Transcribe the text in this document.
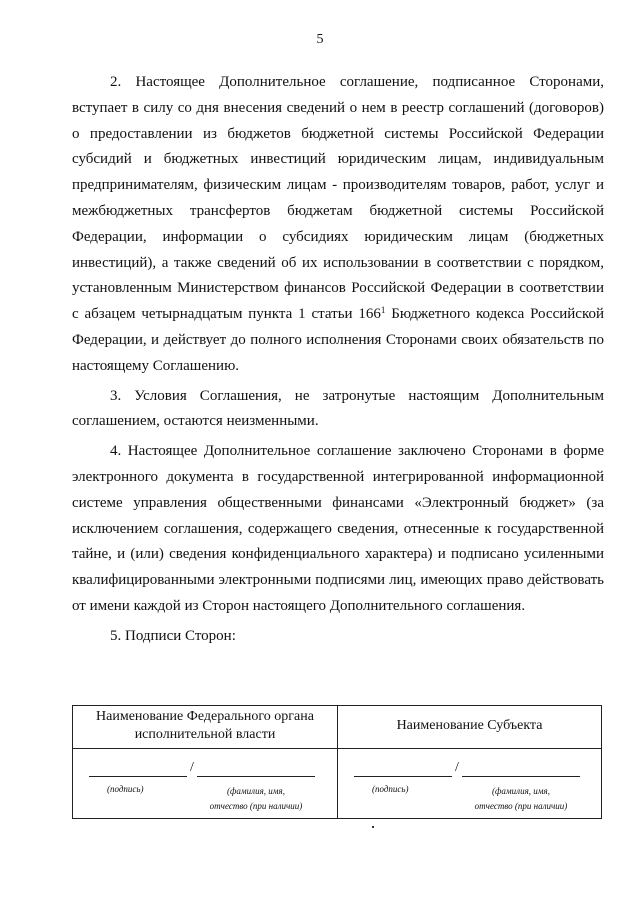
5

2. Настоящее Дополнительное соглашение, подписанное Сторонами, вступает в силу со дня внесения сведений о нем в реестр соглашений (договоров) о предоставлении из бюджетов бюджетной системы Российской Федерации субсидий и бюджетных инвестиций юридическим лицам, индивидуальным предпринимателям, физическим лицам - производителям товаров, работ, услуг и межбюджетных трансфертов бюджетам бюджетной системы Российской Федерации, информации о субсидиях юридическим лицам (бюджетных инвестиций), а также сведений об их использовании в соответствии с порядком, установленным Министерством финансов Российской Федерации в соответствии с абзацем четырнадцатым пункта 1 статьи $166^1$ Бюджетного кодекса Российской Федерации, и действует до полного исполнения Сторонами своих обязательств по настоящему Соглашению.

3. Условия Соглашения, не затронутые настоящим Дополнительным соглашением, остаются неизменными.

4. Настоящее Дополнительное соглашение заключено Сторонами в форме электронного документа в государственной интегрированной информационной системе управления общественными финансами «Электронный бюджет» (за исключением соглашения, содержащего сведения, отнесенные к государственной тайне, и (или) сведения конфиденциального характера) и подписано усиленными квалифицированными электронными подписями лиц, имеющих право действовать от имени каждой из Сторон настоящего Дополнительного соглашения.

5. Подписи Сторон:

Наименование Федерального органа исполнительной власти
/
(подпись)	(фамилия, имя,
отчество (при наличии)
Наименование Субъекта
/
(подпись)	(фамилия, имя,
отчество (при наличии)
